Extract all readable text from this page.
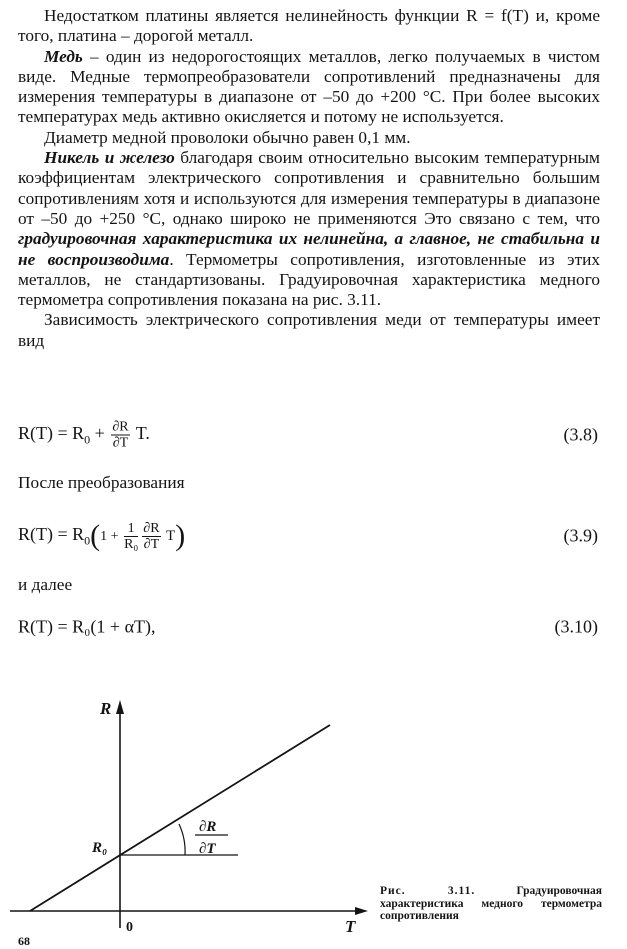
Недостатком платины является нелинейность функции R = f(T) и, кроме того, платина – дорогой металл.

Медь – один из недорогостоящих металлов, легко получаемых в чистом виде. Медные термопреобразователи сопротивлений предназначены для измерения температуры в диапазоне от –50 до +200 °С. При более высоких температурах медь активно окисляется и потому не используется.

Диаметр медной проволоки обычно равен 0,1 мм.

Никель и железо благодаря своим относительно высоким температурным коэффициентам электрического сопротивления и сравнительно большим сопротивлениям хотя и используются для измерения температуры в диапазоне от –50 до +250 °С, однако широко не применяются Это связано с тем, что градуировочная характеристика их нелинейна, а главное, не стабильна и не воспроизводима. Термометры сопротивления, изготовленные из этих металлов, не стандартизованы. Градуировочная характеристика медного термометра сопротивления показана на рис. 3.11.

Зависимость электрического сопротивления меди от температуры имеет вид

$R(T) = R_0 + \frac{\partial R}{\partial T} T$.	(3.8)
После преобразования
$R(T) = R_0(1 + \frac{1}{\text{R₀}} \frac{\partial R}{\partial T} T)$	(3.9)
и далее
R(T) = R₀(1 + αT),	(3.10)
R
T
R₀
∂R
∂T
0
Рис. 3.11. Градуировочная характеристика медного термометра сопротивления
68
